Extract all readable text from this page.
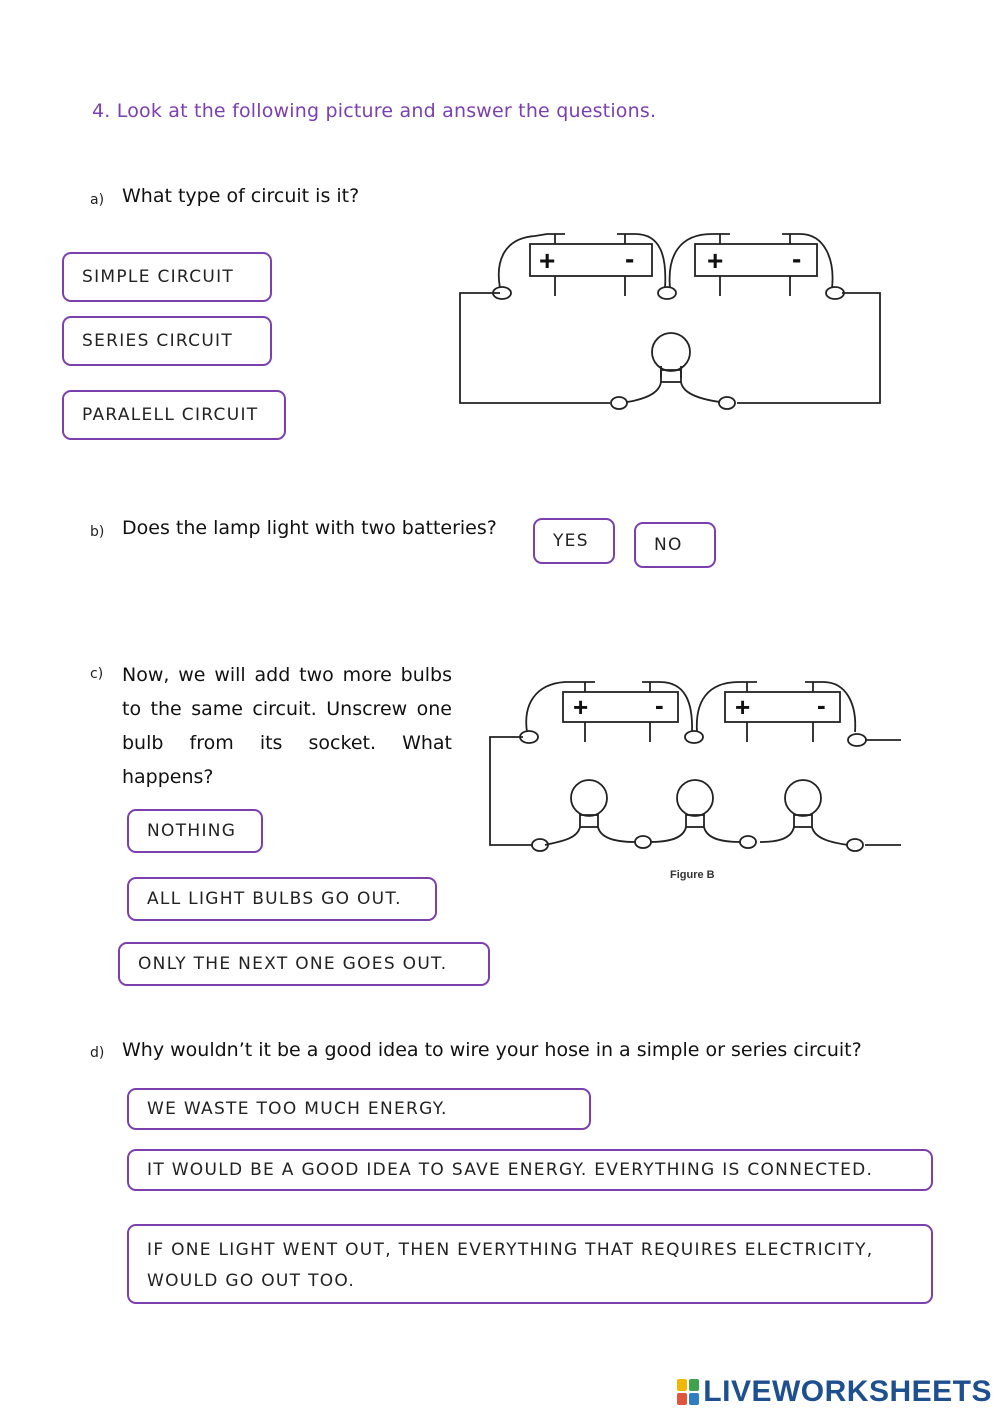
4. Look at the following picture and answer the questions.
a) What type of circuit is it?
SIMPLE CIRCUIT
SERIES CIRCUIT
PARALELL CIRCUIT
+ -	+ -
b) Does the lamp light with two batteries?
YES	NO
c) Now, we will add two more bulbs to the same circuit. Unscrew one bulb from its socket. What happens?
NOTHING
ALL LIGHT BULBS GO OUT.
ONLY THE NEXT ONE GOES OUT.
+	-	+	-
Figure B
d) Why wouldn’t it be a good idea to wire your hose in a simple or series circuit?
WE WASTE TOO MUCH ENERGY.
IT WOULD BE A GOOD IDEA TO SAVE ENERGY. EVERYTHING IS CONNECTED.
IF ONE LIGHT WENT OUT, THEN EVERYTHING THAT REQUIRES ELECTRICITY, WOULD GO OUT TOO.
LIVEWORKSHEETS
